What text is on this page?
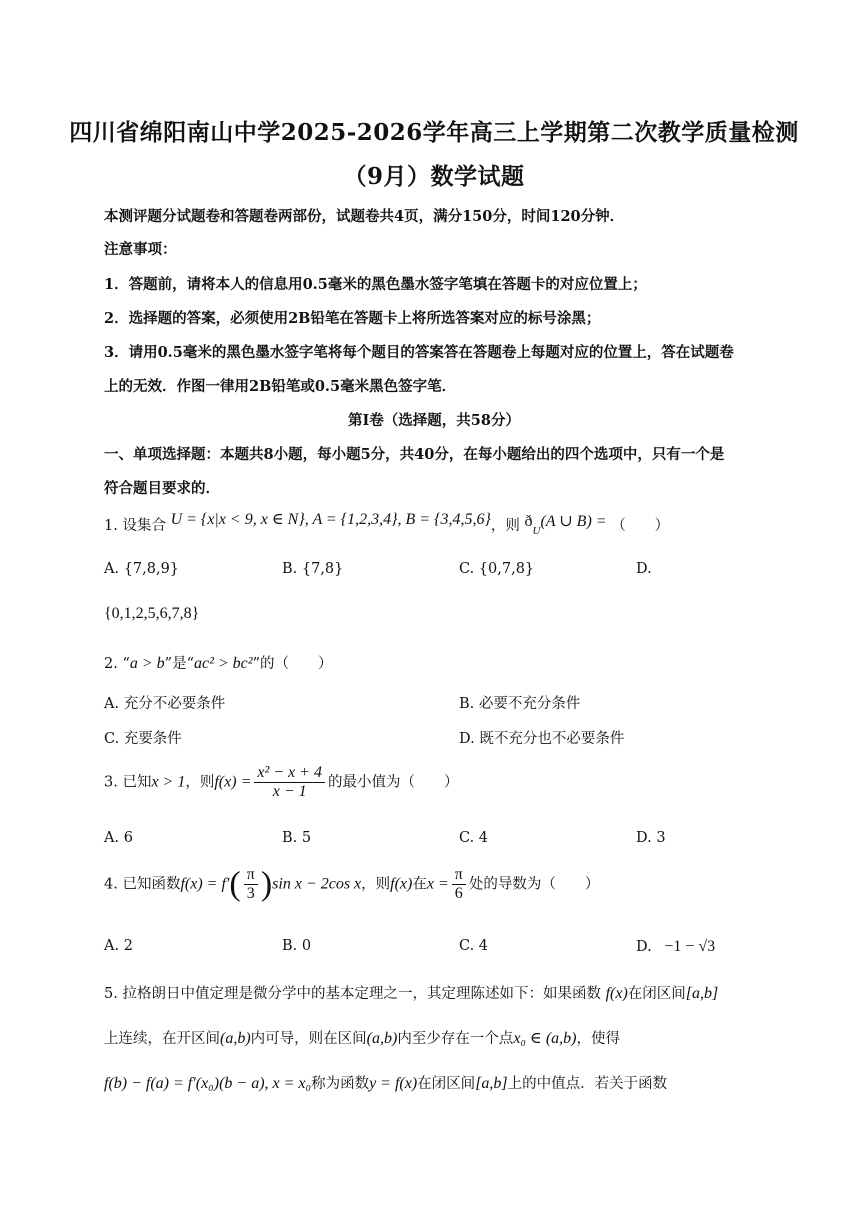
四川省绵阳南山中学2025-2026学年高三上学期第二次教学质量检测
（9月）数学试题
本测评题分试题卷和答题卷两部份，试题卷共4页，满分150分，时间120分钟．
注意事项：
1．答题前，请将本人的信息用0.5毫米的黑色墨水签字笔填在答题卡的对应位置上；
2．选择题的答案，必须使用2B铅笔在答题卡上将所选答案对应的标号涂黑；
3．请用0.5毫米的黑色墨水签字笔将每个题目的答案答在答题卷上每题对应的位置上，答在试题卷
上的无效．作图一律用2B铅笔或0.5毫米黑色签字笔．
第Ⅰ卷（选择题，共58分）
一、单项选择题：本题共8小题，每小题5分，共40分，在每小题给出的四个选项中，只有一个是
符合题目要求的．
1. 设集合 U = {x|x < 9, x ∈ N}, A = {1,2,3,4}, B = {3,4,5,6}，则 $ð_U(A$ ∪ B) = （　　）
A. {7,8,9}	B. {7,8}	C. {0,7,8}	D.
{0,1,2,5,6,7,8}
2. “a > b”是“ac² > bc²”的（　　）
A. 充分不必要条件	B. 必要不充分条件
C. 充要条件	D. 既不充分也不必要条件
3. 已知x > 1，则$f(x) = \frac{\text{x² − x + 4}}{x - 1}$ 的最小值为（　　）
A. 6	B. 5	C. 4	D. 3
4. 已知函数$f(x) = f'( \frac{\pi}{3} )\sin$ x − 2cos x，则f(x)在$x = \frac{\pi}{6}$ 处的导数为（　　）
A. 2	B. 0	C. 4	D. −1 − √3
5. 拉格朗日中值定理是微分学中的基本定理之一，其定理陈述如下：如果函数 f(x)在闭区间[a,b]
上连续，在开区间(a,b)内可导，则在区间(a,b)内至少存在一个点x₀ ∈ (a,b)，使得
f(b) − f(a) = f′(x₀)(b − a), x = x₀称为函数y = f(x)在闭区间[a,b]上的中值点．若关于函数
